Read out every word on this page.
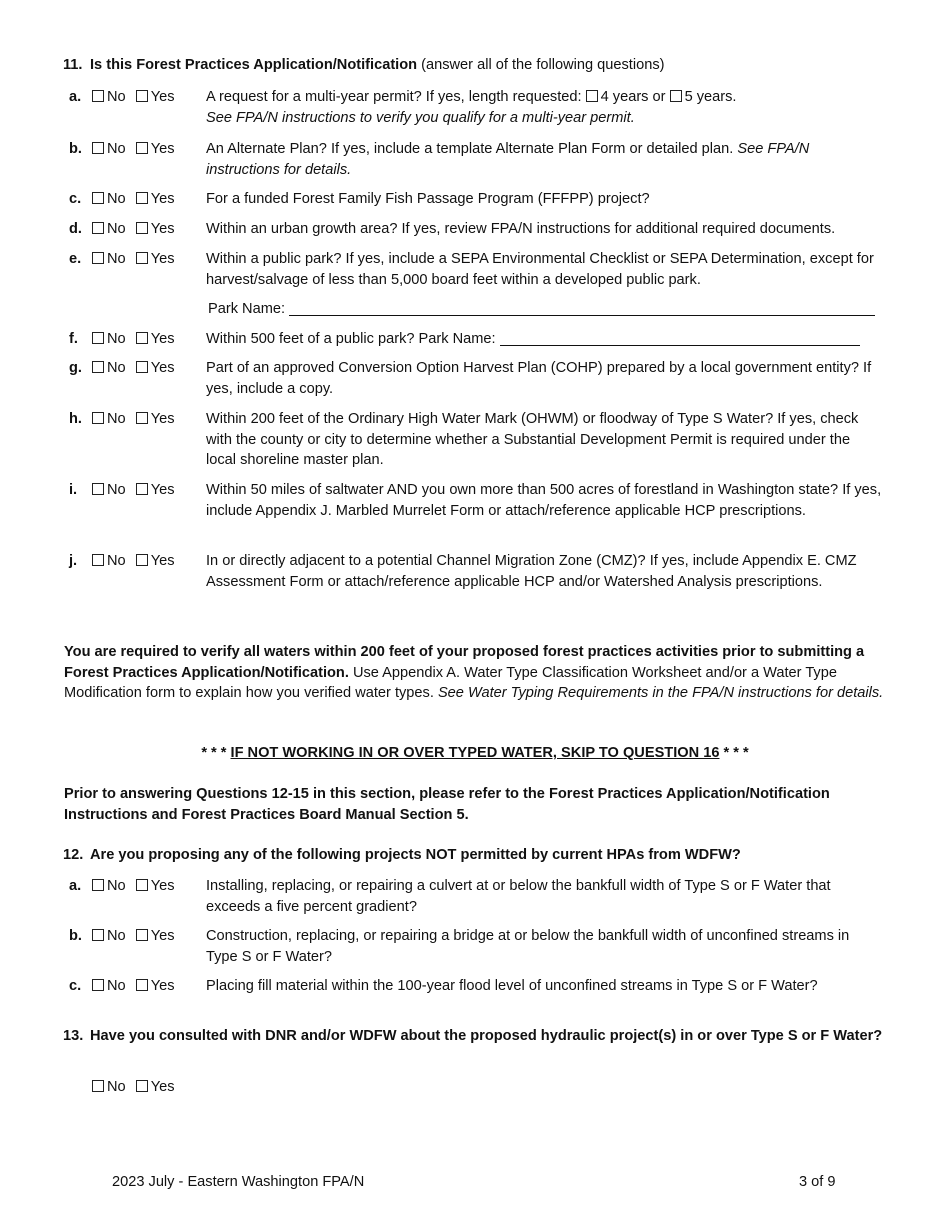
11. Is this Forest Practices Application/Notification (answer all of the following questions)
a.	No Yes A request for a multi-year permit? If yes, length requested: 4 years or 5 years.
See FPA/N instructions to verify you qualify for a multi-year permit.
b.	No Yes An Alternate Plan? If yes, include a template Alternate Plan Form or detailed plan. See FPA/N instructions for details.
c.	No Yes For a funded Forest Family Fish Passage Program (FFFPP) project?
d.	No Yes Within an urban growth area? If yes, review FPA/N instructions for additional required documents.
e.	No Yes Within a public park? If yes, include a SEPA Environmental Checklist or SEPA Determination, except for harvest/salvage of less than 5,000 board feet within a developed public park.
Park Name:
f.	No Yes Within 500 feet of a public park? Park Name:
g.	No Yes Part of an approved Conversion Option Harvest Plan (COHP) prepared by a local government entity? If yes, include a copy.
h.	No Yes Within 200 feet of the Ordinary High Water Mark (OHWM) or floodway of Type S Water? If yes, check with the county or city to determine whether a Substantial Development Permit is required under the local shoreline master plan.
i.	No Yes Within 50 miles of saltwater AND you own more than 500 acres of forestland in Washington state? If yes, include Appendix J. Marbled Murrelet Form or attach/reference applicable HCP prescriptions.
j.	No Yes In or directly adjacent to a potential Channel Migration Zone (CMZ)? If yes, include Appendix E. CMZ Assessment Form or attach/reference applicable HCP and/or Watershed Analysis prescriptions.
You are required to verify all waters within 200 feet of your proposed forest practices activities prior to submitting a Forest Practices Application/Notification. Use Appendix A. Water Type Classification Worksheet and/or a Water Type Modification form to explain how you verified water types. See Water Typing Requirements in the FPA/N instructions for details.
* * * IF NOT WORKING IN OR OVER TYPED WATER, SKIP TO QUESTION 16 * * *
Prior to answering Questions 12-15 in this section, please refer to the Forest Practices Application/Notification Instructions and Forest Practices Board Manual Section 5.
12. Are you proposing any of the following projects NOT permitted by current HPAs from WDFW?
a.	No Yes Installing, replacing, or repairing a culvert at or below the bankfull width of Type S or F Water that exceeds a five percent gradient?
b.	No Yes Construction, replacing, or repairing a bridge at or below the bankfull width of unconfined streams in Type S or F Water?
c.	No Yes Placing fill material within the 100-year flood level of unconfined streams in Type S or F Water?
13. Have you consulted with DNR and/or WDFW about the proposed hydraulic project(s) in or over Type S or F Water?
No Yes
2023 July - Eastern Washington FPA/N	3 of 9
